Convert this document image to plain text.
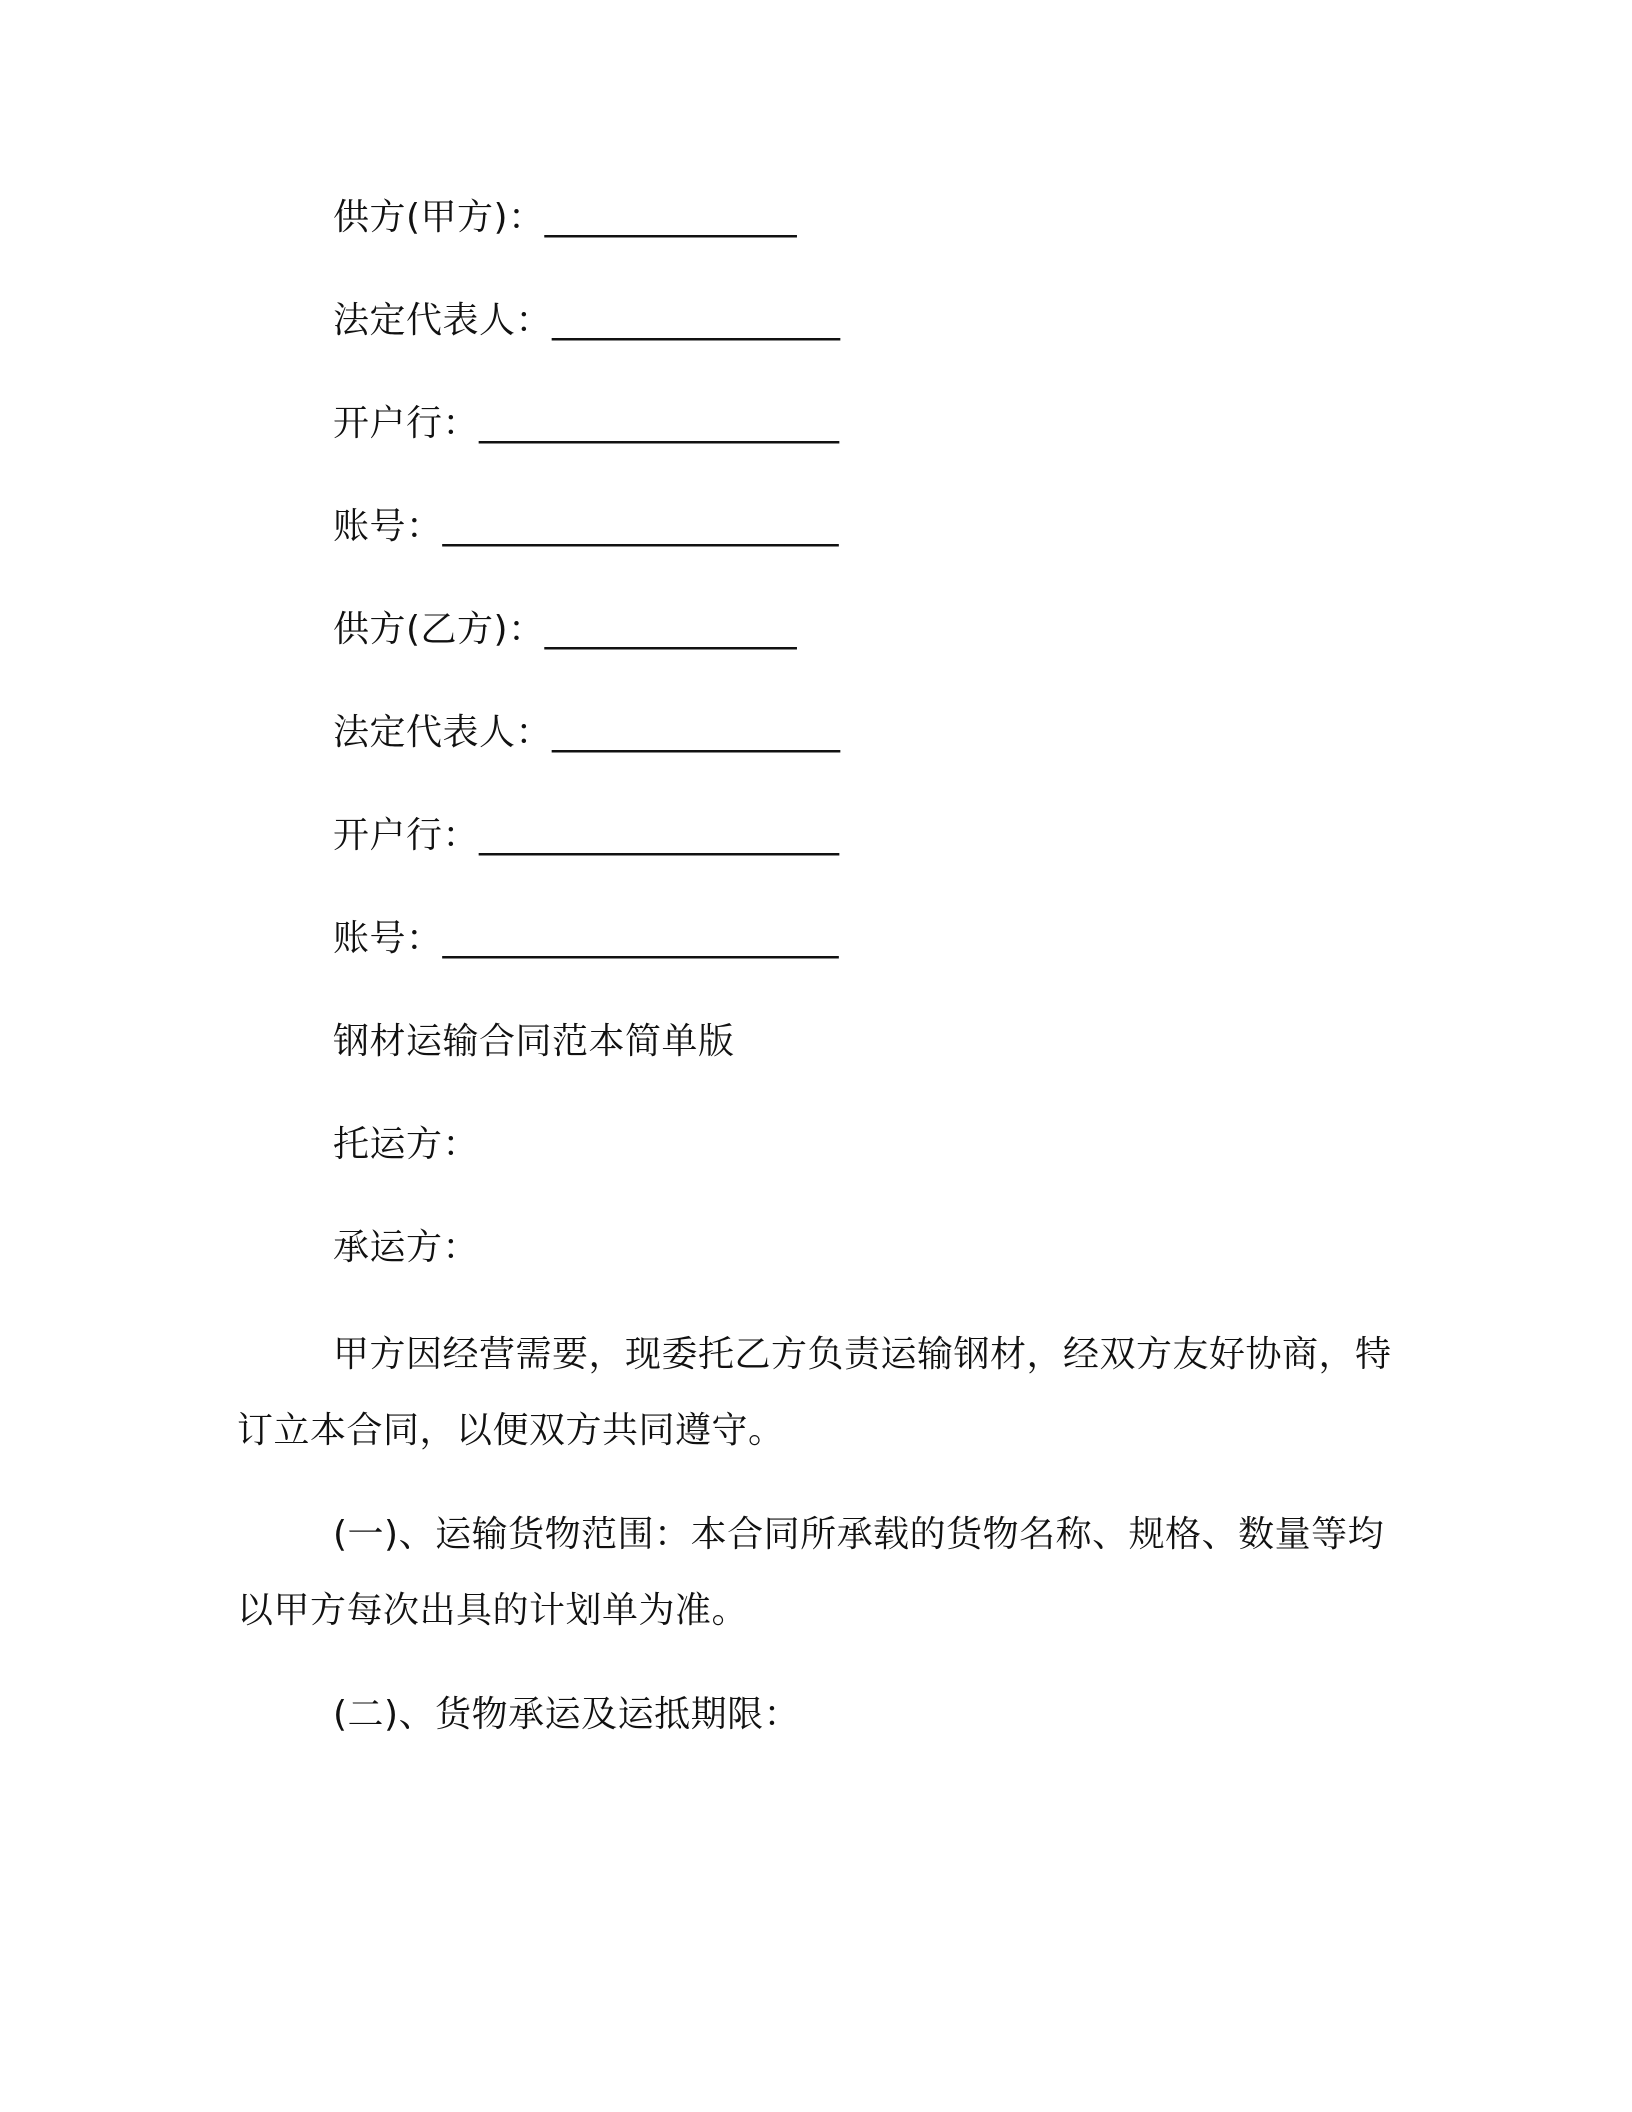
供方(甲方)：______________
法定代表人：________________
开户行：____________________
账号：______________________
供方(乙方)：______________
法定代表人：________________
开户行：____________________
账号：______________________
钢材运输合同范本简单版
托运方：
承运方：
甲方因经营需要，现委托乙方负责运输钢材，经双方友好协商，特订立本合同，以便双方共同遵守。
(一)、运输货物范围：本合同所承载的货物名称、规格、数量等均以甲方每次出具的计划单为准。
(二)、货物承运及运抵期限：
